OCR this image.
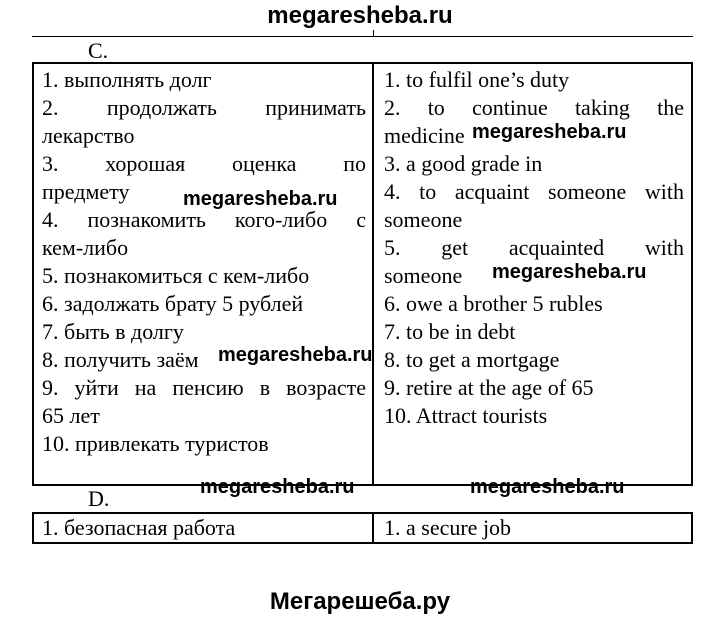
megaresheba.ru
C.
1. выполнять долг
2. продолжать принимать
лекарство
3. хорошая оценка по
предмету
4. познакомить кого-либо с
кем-либо
5. познакомиться с кем-либо
6. задолжать брату 5 рублей
7. быть в долгу
8. получить заём
9. уйти на пенсию в возрасте
65 лет
10. привлекать туристов
1. to fulfil one’s duty
2. to continue taking the
medicine
3. a good grade in
4. to acquaint someone with
someone
5. get acquainted with
someone
6. owe a brother 5 rubles
7. to be in debt
8. to get a mortgage
9. retire at the age of 65
10. Attract tourists
D.
1. безопасная работа	1. a secure job
megaresheba.ru
megaresheba.ru
megaresheba.ru
megaresheba.ru
megaresheba.ru	megaresheba.ru
Мегарешеба.ру
